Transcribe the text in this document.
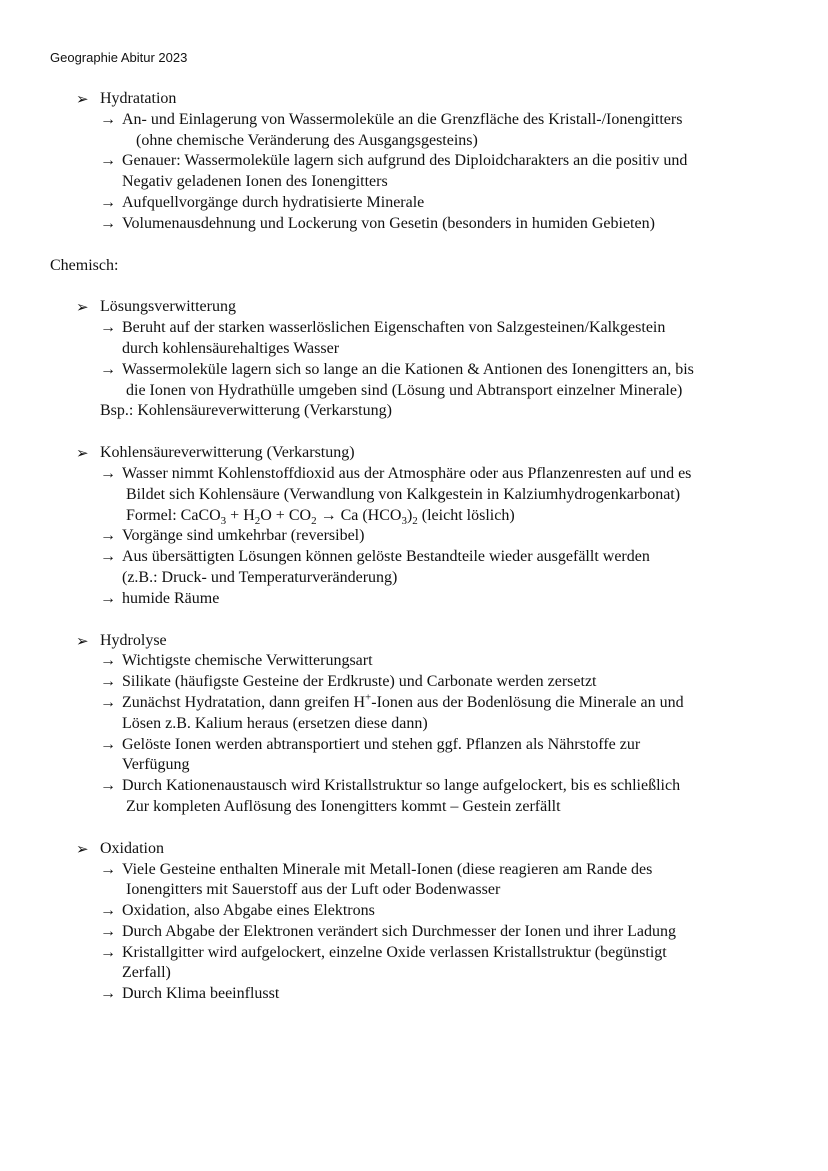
Geographie Abitur 2023
➢ Hydratation
→ An- und Einlagerung von Wassermoleküle an die Grenzfläche des Kristall-/Ionengitters
(ohne chemische Veränderung des Ausgangsgesteins)
→ Genauer: Wassermoleküle lagern sich aufgrund des Diploidcharakters an die positiv und
Negativ geladenen Ionen des Ionengitters
→ Aufquellvorgänge durch hydratisierte Minerale
→ Volumenausdehnung und Lockerung von Gesetin (besonders in humiden Gebieten)
Chemisch:
➢ Lösungsverwitterung
→ Beruht auf der starken wasserlöslichen Eigenschaften von Salzgesteinen/Kalkgestein
durch kohlensäurehaltiges Wasser
→ Wassermoleküle lagern sich so lange an die Kationen & Antionen des Ionengitters an, bis
die Ionen von Hydrathülle umgeben sind (Lösung und Abtransport einzelner Minerale)
Bsp.: Kohlensäureverwitterung (Verkarstung)
➢ Kohlensäureverwitterung (Verkarstung)
→ Wasser nimmt Kohlenstoffdioxid aus der Atmosphäre oder aus Pflanzenresten auf und es
Bildet sich Kohlensäure (Verwandlung von Kalkgestein in Kalziumhydrogenkarbonat)
Formel: CaCO$_3$ + $H_2O + CO_2 \to Ca$ $(HCO_3)_2$ (leicht löslich)
→ Vorgänge sind umkehrbar (reversibel)
→ Aus übersättigten Lösungen können gelöste Bestandteile wieder ausgefällt werden
(z.B.: Druck- und Temperaturveränderung)
→ humide Räume
➢ Hydrolyse
→ Wichtigste chemische Verwitterungsart
→ Silikate (häufigste Gesteine der Erdkruste) und Carbonate werden zersetzt
→ Zunächst Hydratation, dann greifen H+-Ionen aus der Bodenlösung die Minerale an und
Lösen z.B. Kalium heraus (ersetzen diese dann)
→ Gelöste Ionen werden abtransportiert und stehen ggf. Pflanzen als Nährstoffe zur
Verfügung
→ Durch Kationenaustausch wird Kristallstruktur so lange aufgelockert, bis es schließlich
Zur kompleten Auflösung des Ionengitters kommt – Gestein zerfällt
➢ Oxidation
→ Viele Gesteine enthalten Minerale mit Metall-Ionen (diese reagieren am Rande des
Ionengitters mit Sauerstoff aus der Luft oder Bodenwasser
→ Oxidation, also Abgabe eines Elektrons
→ Durch Abgabe der Elektronen verändert sich Durchmesser der Ionen und ihrer Ladung
→ Kristallgitter wird aufgelockert, einzelne Oxide verlassen Kristallstruktur (begünstigt
Zerfall)
→ Durch Klima beeinflusst
